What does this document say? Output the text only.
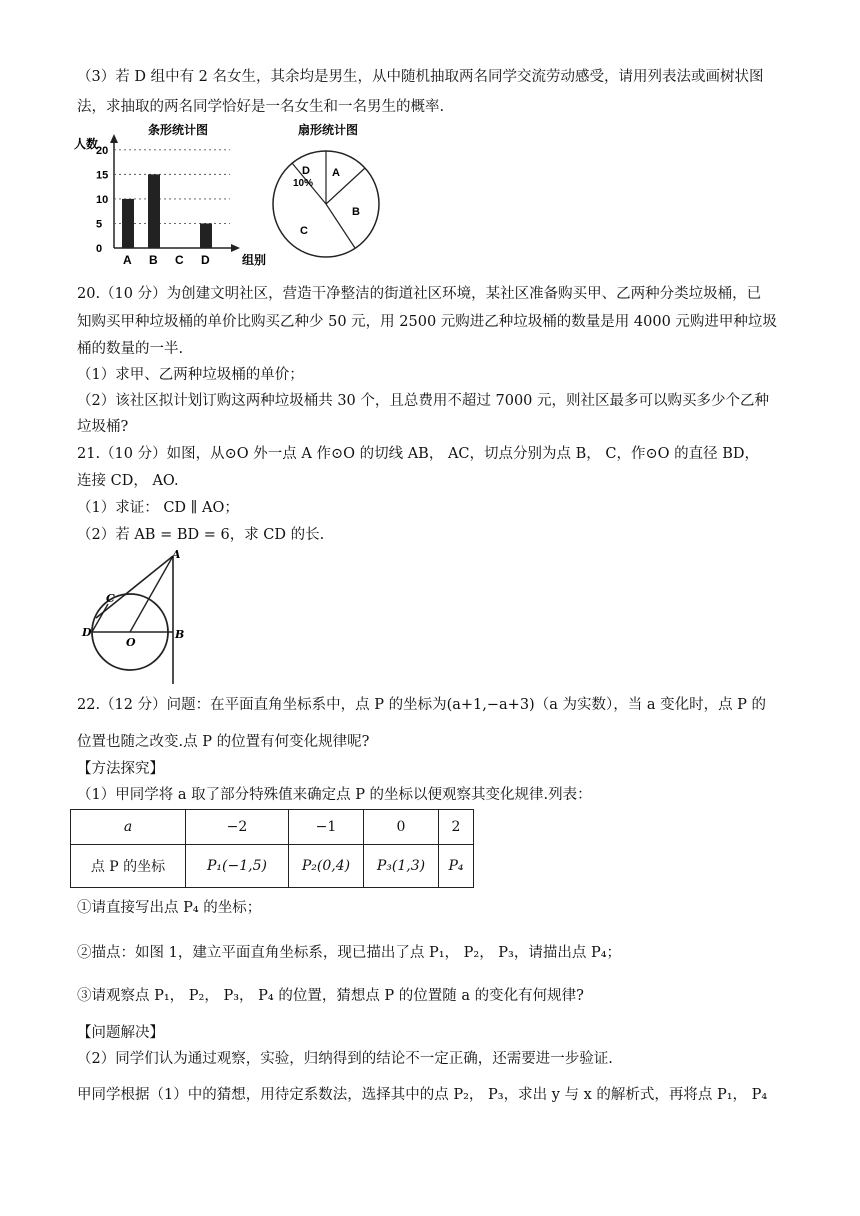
（3）若 D 组中有 2 名女生，其余均是男生，从中随机抽取两名同学交流劳动感受，请用列表法或画树状图
法，求抽取的两名同学恰好是一名女生和一名男生的概率.
条形统计图
人数
组别
0
5
10
15
20
A B C D
扇形统计图
D
10%
A
B
C
20.（10 分）为创建文明社区，营造干净整洁的街道社区环境，某社区准备购买甲、乙两种分类垃圾桶，已
知购买甲种垃圾桶的单价比购买乙种少 50 元，用 2500 元购进乙种垃圾桶的数量是用 4000 元购进甲种垃圾
桶的数量的一半.
（1）求甲、乙两种垃圾桶的单价；
（2）该社区拟计划订购这两种垃圾桶共 30 个，且总费用不超过 7000 元，则社区最多可以购买多少个乙种
垃圾桶?
21.（10 分）如图，从⊙O 外一点 A 作⊙O 的切线 AB， AC，切点分别为点 B， C，作⊙O 的直径 BD，
连接 CD， AO.
（1）求证： CD ∥ AO；
（2）若 AB = BD = 6，求 CD 的长.
A
C
D
O
B
22.（12 分）问题：在平面直角坐标系中，点 P 的坐标为(a+1,−a+3)（a 为实数），当 a 变化时，点 P 的
位置也随之改变.点 P 的位置有何变化规律呢?
【方法探究】
（1）甲同学将 a 取了部分特殊值来确定点 P 的坐标以便观察其变化规律.列表：
a	−2	−1	0	2
点 P 的坐标	P₁(−1,5)	P₂(0,4)	P₃(1,3)	P₄
①请直接写出点 P₄ 的坐标；
②描点：如图 1，建立平面直角坐标系，现已描出了点 P₁， P₂， P₃，请描出点 P₄；
③请观察点 P₁， P₂， P₃， P₄ 的位置，猜想点 P 的位置随 a 的变化有何规律?
【问题解决】
（2）同学们认为通过观察，实验，归纳得到的结论不一定正确，还需要进一步验证.
甲同学根据（1）中的猜想，用待定系数法，选择其中的点 P₂， P₃，求出 y 与 x 的解析式，再将点 P₁， P₄
